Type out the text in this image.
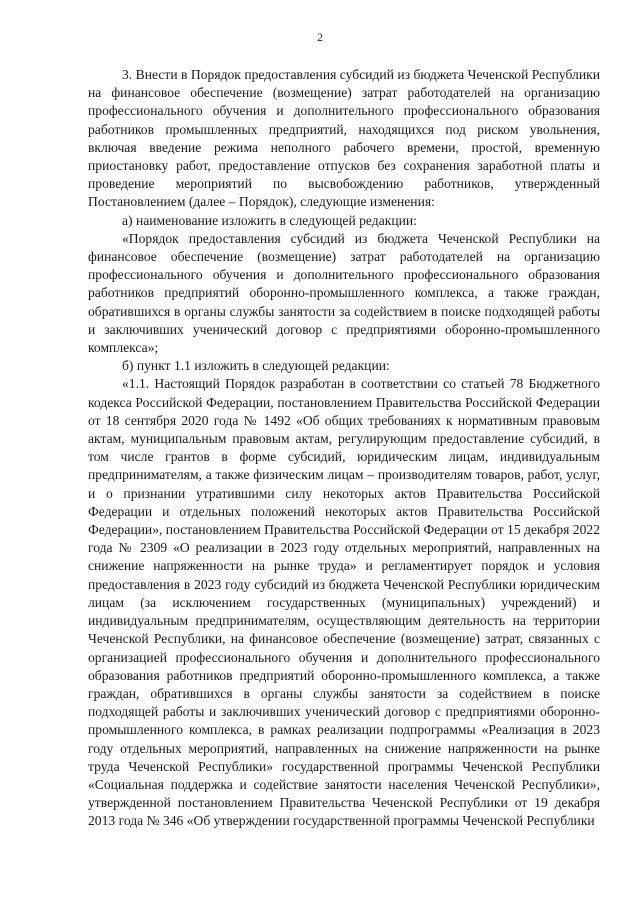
2

3. Внести в Порядок предоставления субсидий из бюджета Чеченской Республики на финансовое обеспечение (возмещение) затрат работодателей на организацию профессионального обучения и дополнительного профессионального образования работников промышленных предприятий, находящихся под риском увольнения, включая введение режима неполного рабочего времени, простой, временную приостановку работ, предоставление отпусков без сохранения заработной платы и проведение мероприятий по высвобождению работников, утвержденный Постановлением (далее – Порядок), следующие изменения:

а) наименование изложить в следующей редакции:

«Порядок предоставления субсидий из бюджета Чеченской Республики на финансовое обеспечение (возмещение) затрат работодателей на организацию профессионального обучения и дополнительного профессионального образования работников предприятий оборонно-промышленного комплекса, а также граждан, обратившихся в органы службы занятости за содействием в поиске подходящей работы и заключивших ученический договор с предприятиями оборонно-промышленного комплекса»;

б) пункт 1.1 изложить в следующей редакции:

«1.1. Настоящий Порядок разработан в соответствии со статьей 78 Бюджетного кодекса Российской Федерации, постановлением Правительства Российской Федерации от 18 сентября 2020 года № 1492 «Об общих требованиях к нормативным правовым актам, муниципальным правовым актам, регулирующим предоставление субсидий, в том числе грантов в форме субсидий, юридическим лицам, индивидуальным предпринимателям, а также физическим лицам – производителям товаров, работ, услуг, и о признании утратившими силу некоторых актов Правительства Российской Федерации и отдельных положений некоторых актов Правительства Российской Федерации», постановлением Правительства Российской Федерации от 15 декабря 2022 года № 2309 «О реализации в 2023 году отдельных мероприятий, направленных на снижение напряженности на рынке труда» и регламентирует порядок и условия предоставления в 2023 году субсидий из бюджета Чеченской Республики юридическим лицам (за исключением государственных (муниципальных) учреждений) и индивидуальным предпринимателям, осуществляющим деятельность на территории Чеченской Республики, на финансовое обеспечение (возмещение) затрат, связанных с организацией профессионального обучения и дополнительного профессионального образования работников предприятий оборонно-промышленного комплекса, а также граждан, обратившихся в органы службы занятости за содействием в поиске подходящей работы и заключивших ученический договор с предприятиями оборонно-промышленного комплекса, в рамках реализации подпрограммы «Реализация в 2023 году отдельных мероприятий, направленных на снижение напряженности на рынке труда Чеченской Республики» государственной программы Чеченской Республики «Социальная поддержка и содействие занятости населения Чеченской Республики», утвержденной постановлением Правительства Чеченской Республики от 19 декабря 2013 года № 346 «Об утверждении государственной программы Чеченской Республики
